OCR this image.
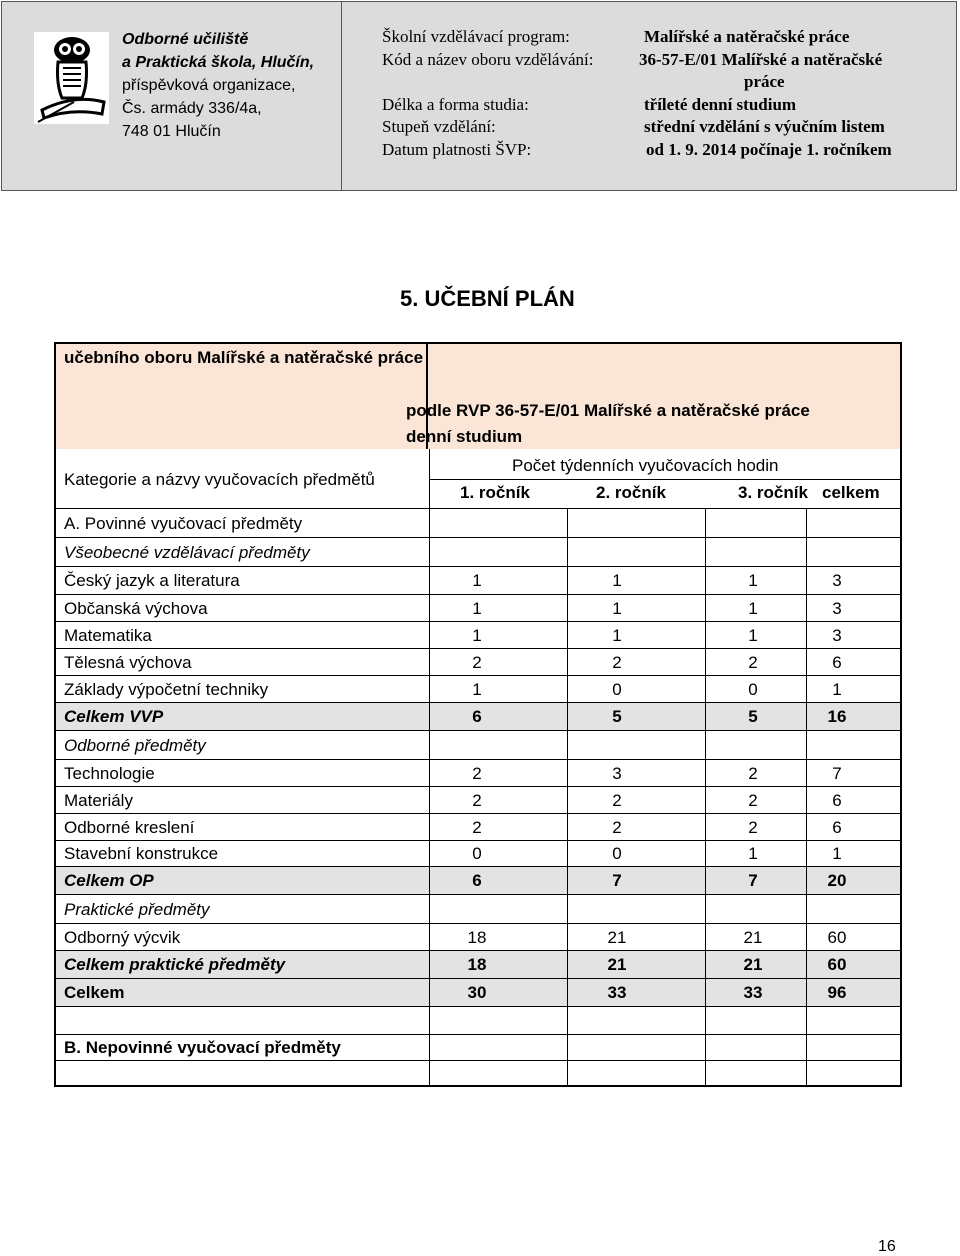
Odborné učiliště
a Praktická škola, Hlučín,
příspěvková organizace,
Čs. armády 336/4a,
748 01 Hlučín
Školní vzdělávací program:	Malířské a natěračské práce
Kód a název oboru vzdělávání:	36-57-E/01 Malířské a natěračské
práce
Délka a forma studia:	tříleté denní studium
Stupeň vzdělání:	střední vzdělání s výučním listem
Datum platnosti ŠVP:	od 1. 9. 2014 počínaje 1. ročníkem
5. UČEBNÍ PLÁN
učebního oboru Malířské a natěračské práce
podle RVP 36-57-E/01 Malířské a natěračské práce
denní studium
Kategorie a názvy vyučovacích předmětů
Počet týdenních vyučovacích hodin
1. ročník	2. ročník	3. ročník celkem
A. Povinné vyučovací předměty
Všeobecné vzdělávací předměty
Český jazyk a literatura	1	1	1	3
Občanská výchova	1	1	1	3
Matematika	1	1	1	3
Tělesná výchova	2	2	2	6
Základy výpočetní techniky	1	0	0	1
Celkem VVP	6	5	5	16
Odborné předměty
Technologie	2	3	2	7
Materiály	2	2	2	6
Odborné kreslení	2	2	2	6
Stavební konstrukce	0	0	1	1
Celkem OP	6	7	7	20
Praktické předměty
Odborný výcvik	18	21	21	60
Celkem praktické předměty	18	21	21	60
Celkem	30	33	33	96
B. Nepovinné vyučovací předměty
16
